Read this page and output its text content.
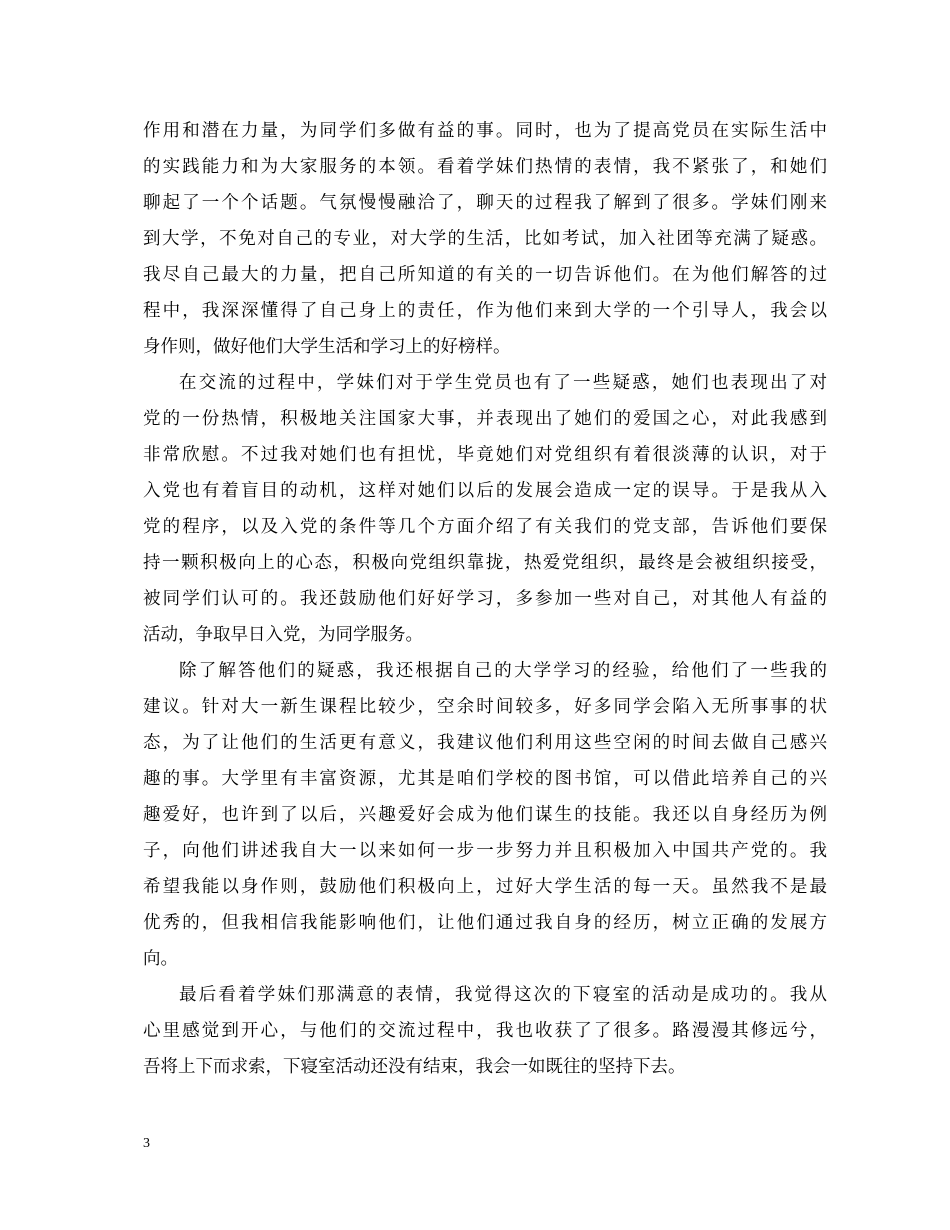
作用和潜在力量，为同学们多做有益的事。同时，也为了提高党员在实际生活中
的实践能力和为大家服务的本领。看着学妹们热情的表情，我不紧张了，和她们
聊起了一个个话题。气氛慢慢融洽了，聊天的过程我了解到了很多。学妹们刚来
到大学，不免对自己的专业，对大学的生活，比如考试，加入社团等充满了疑惑。
我尽自己最大的力量，把自己所知道的有关的一切告诉他们。在为他们解答的过
程中，我深深懂得了自己身上的责任，作为他们来到大学的一个引导人，我会以
身作则，做好他们大学生活和学习上的好榜样。
在交流的过程中，学妹们对于学生党员也有了一些疑惑，她们也表现出了对
党的一份热情，积极地关注国家大事，并表现出了她们的爱国之心，对此我感到
非常欣慰。不过我对她们也有担忧，毕竟她们对党组织有着很淡薄的认识，对于
入党也有着盲目的动机，这样对她们以后的发展会造成一定的误导。于是我从入
党的程序，以及入党的条件等几个方面介绍了有关我们的党支部，告诉他们要保
持一颗积极向上的心态，积极向党组织靠拢，热爱党组织，最终是会被组织接受，
被同学们认可的。我还鼓励他们好好学习，多参加一些对自己，对其他人有益的
活动，争取早日入党，为同学服务。
除了解答他们的疑惑，我还根据自己的大学学习的经验，给他们了一些我的
建议。针对大一新生课程比较少，空余时间较多，好多同学会陷入无所事事的状
态，为了让他们的生活更有意义，我建议他们利用这些空闲的时间去做自己感兴
趣的事。大学里有丰富资源，尤其是咱们学校的图书馆，可以借此培养自己的兴
趣爱好，也许到了以后，兴趣爱好会成为他们谋生的技能。我还以自身经历为例
子，向他们讲述我自大一以来如何一步一步努力并且积极加入中国共产党的。我
希望我能以身作则，鼓励他们积极向上，过好大学生活的每一天。虽然我不是最
优秀的，但我相信我能影响他们，让他们通过我自身的经历，树立正确的发展方
向。
最后看着学妹们那满意的表情，我觉得这次的下寝室的活动是成功的。我从
心里感觉到开心，与他们的交流过程中，我也收获了了很多。路漫漫其修远兮，
吾将上下而求索，下寝室活动还没有结束，我会一如既往的坚持下去。
3
